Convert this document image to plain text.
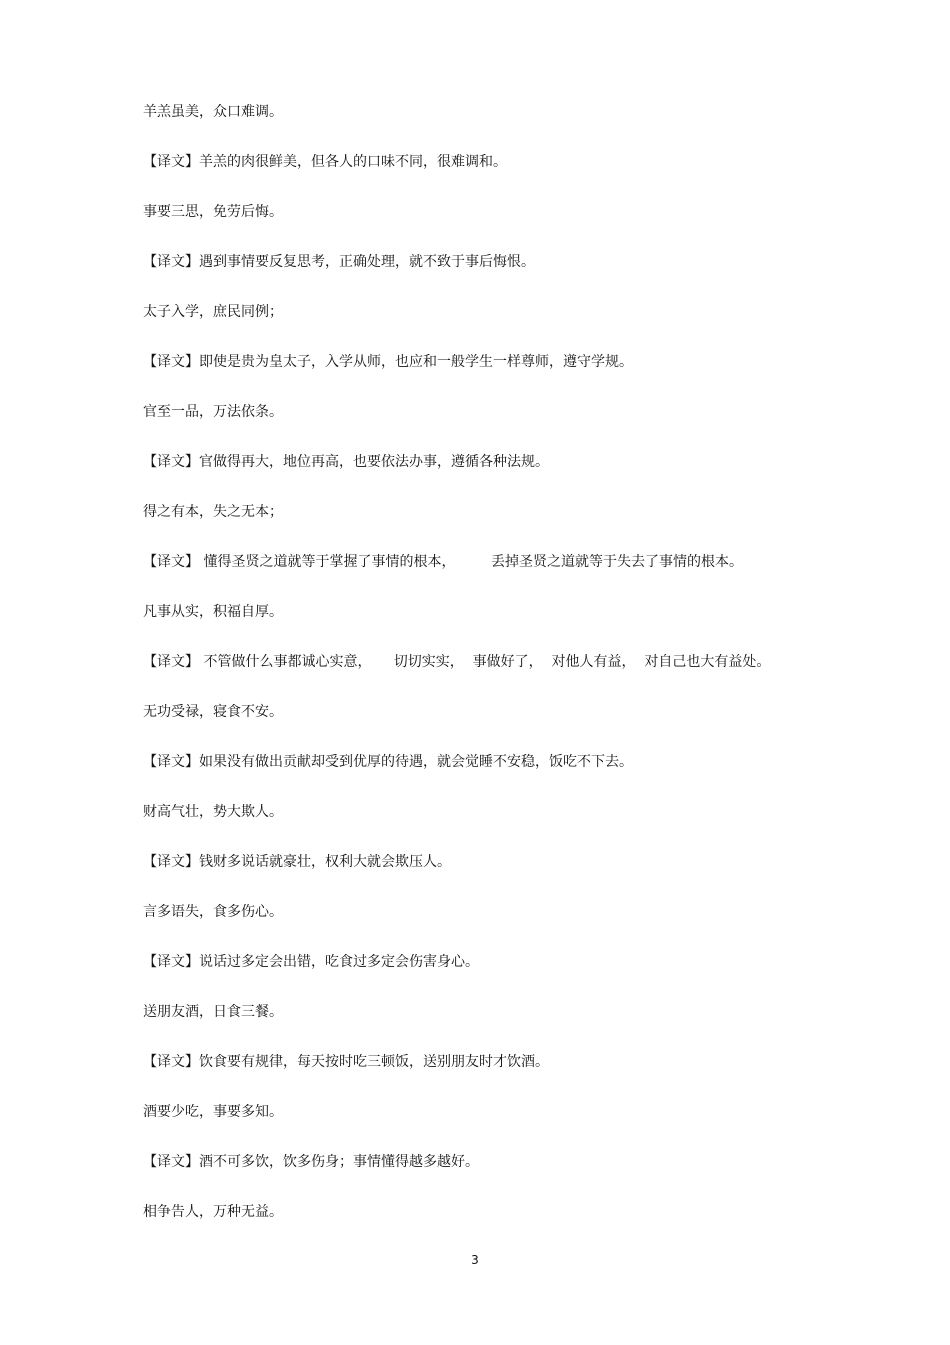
羊羔虽美，众口难调。

【译文】羊羔的肉很鲜美，但各人的口味不同，很难调和。

事要三思，免劳后悔。

【译文】遇到事情要反复思考，正确处理，就不致于事后悔恨。

太子入学，庶民同例；

【译文】即使是贵为皇太子，入学从师，也应和一般学生一样尊师，遵守学规。

官至一品，万法依条。

【译文】官做得再大，地位再高，也要依法办事，遵循各种法规。

得之有本，失之无本；

【译文】 懂得圣贤之道就等于掌握了事情的根本，        丢掉圣贤之道就等于失去了事情的根本。

凡事从实，积福自厚。

【译文】 不管做什么事都诚心实意，     切切实实，  事做好了，  对他人有益，  对自己也大有益处。

无功受禄，寝食不安。

【译文】如果没有做出贡献却受到优厚的待遇，就会觉睡不安稳，饭吃不下去。

财高气壮，势大欺人。

【译文】钱财多说话就豪壮，权利大就会欺压人。

言多语失，食多伤心。

【译文】说话过多定会出错，吃食过多定会伤害身心。

送朋友酒，日食三餐。

【译文】饮食要有规律，每天按时吃三顿饭，送别朋友时才饮酒。

酒要少吃，事要多知。

【译文】酒不可多饮，饮多伤身；事情懂得越多越好。

相争告人，万种无益。

3
